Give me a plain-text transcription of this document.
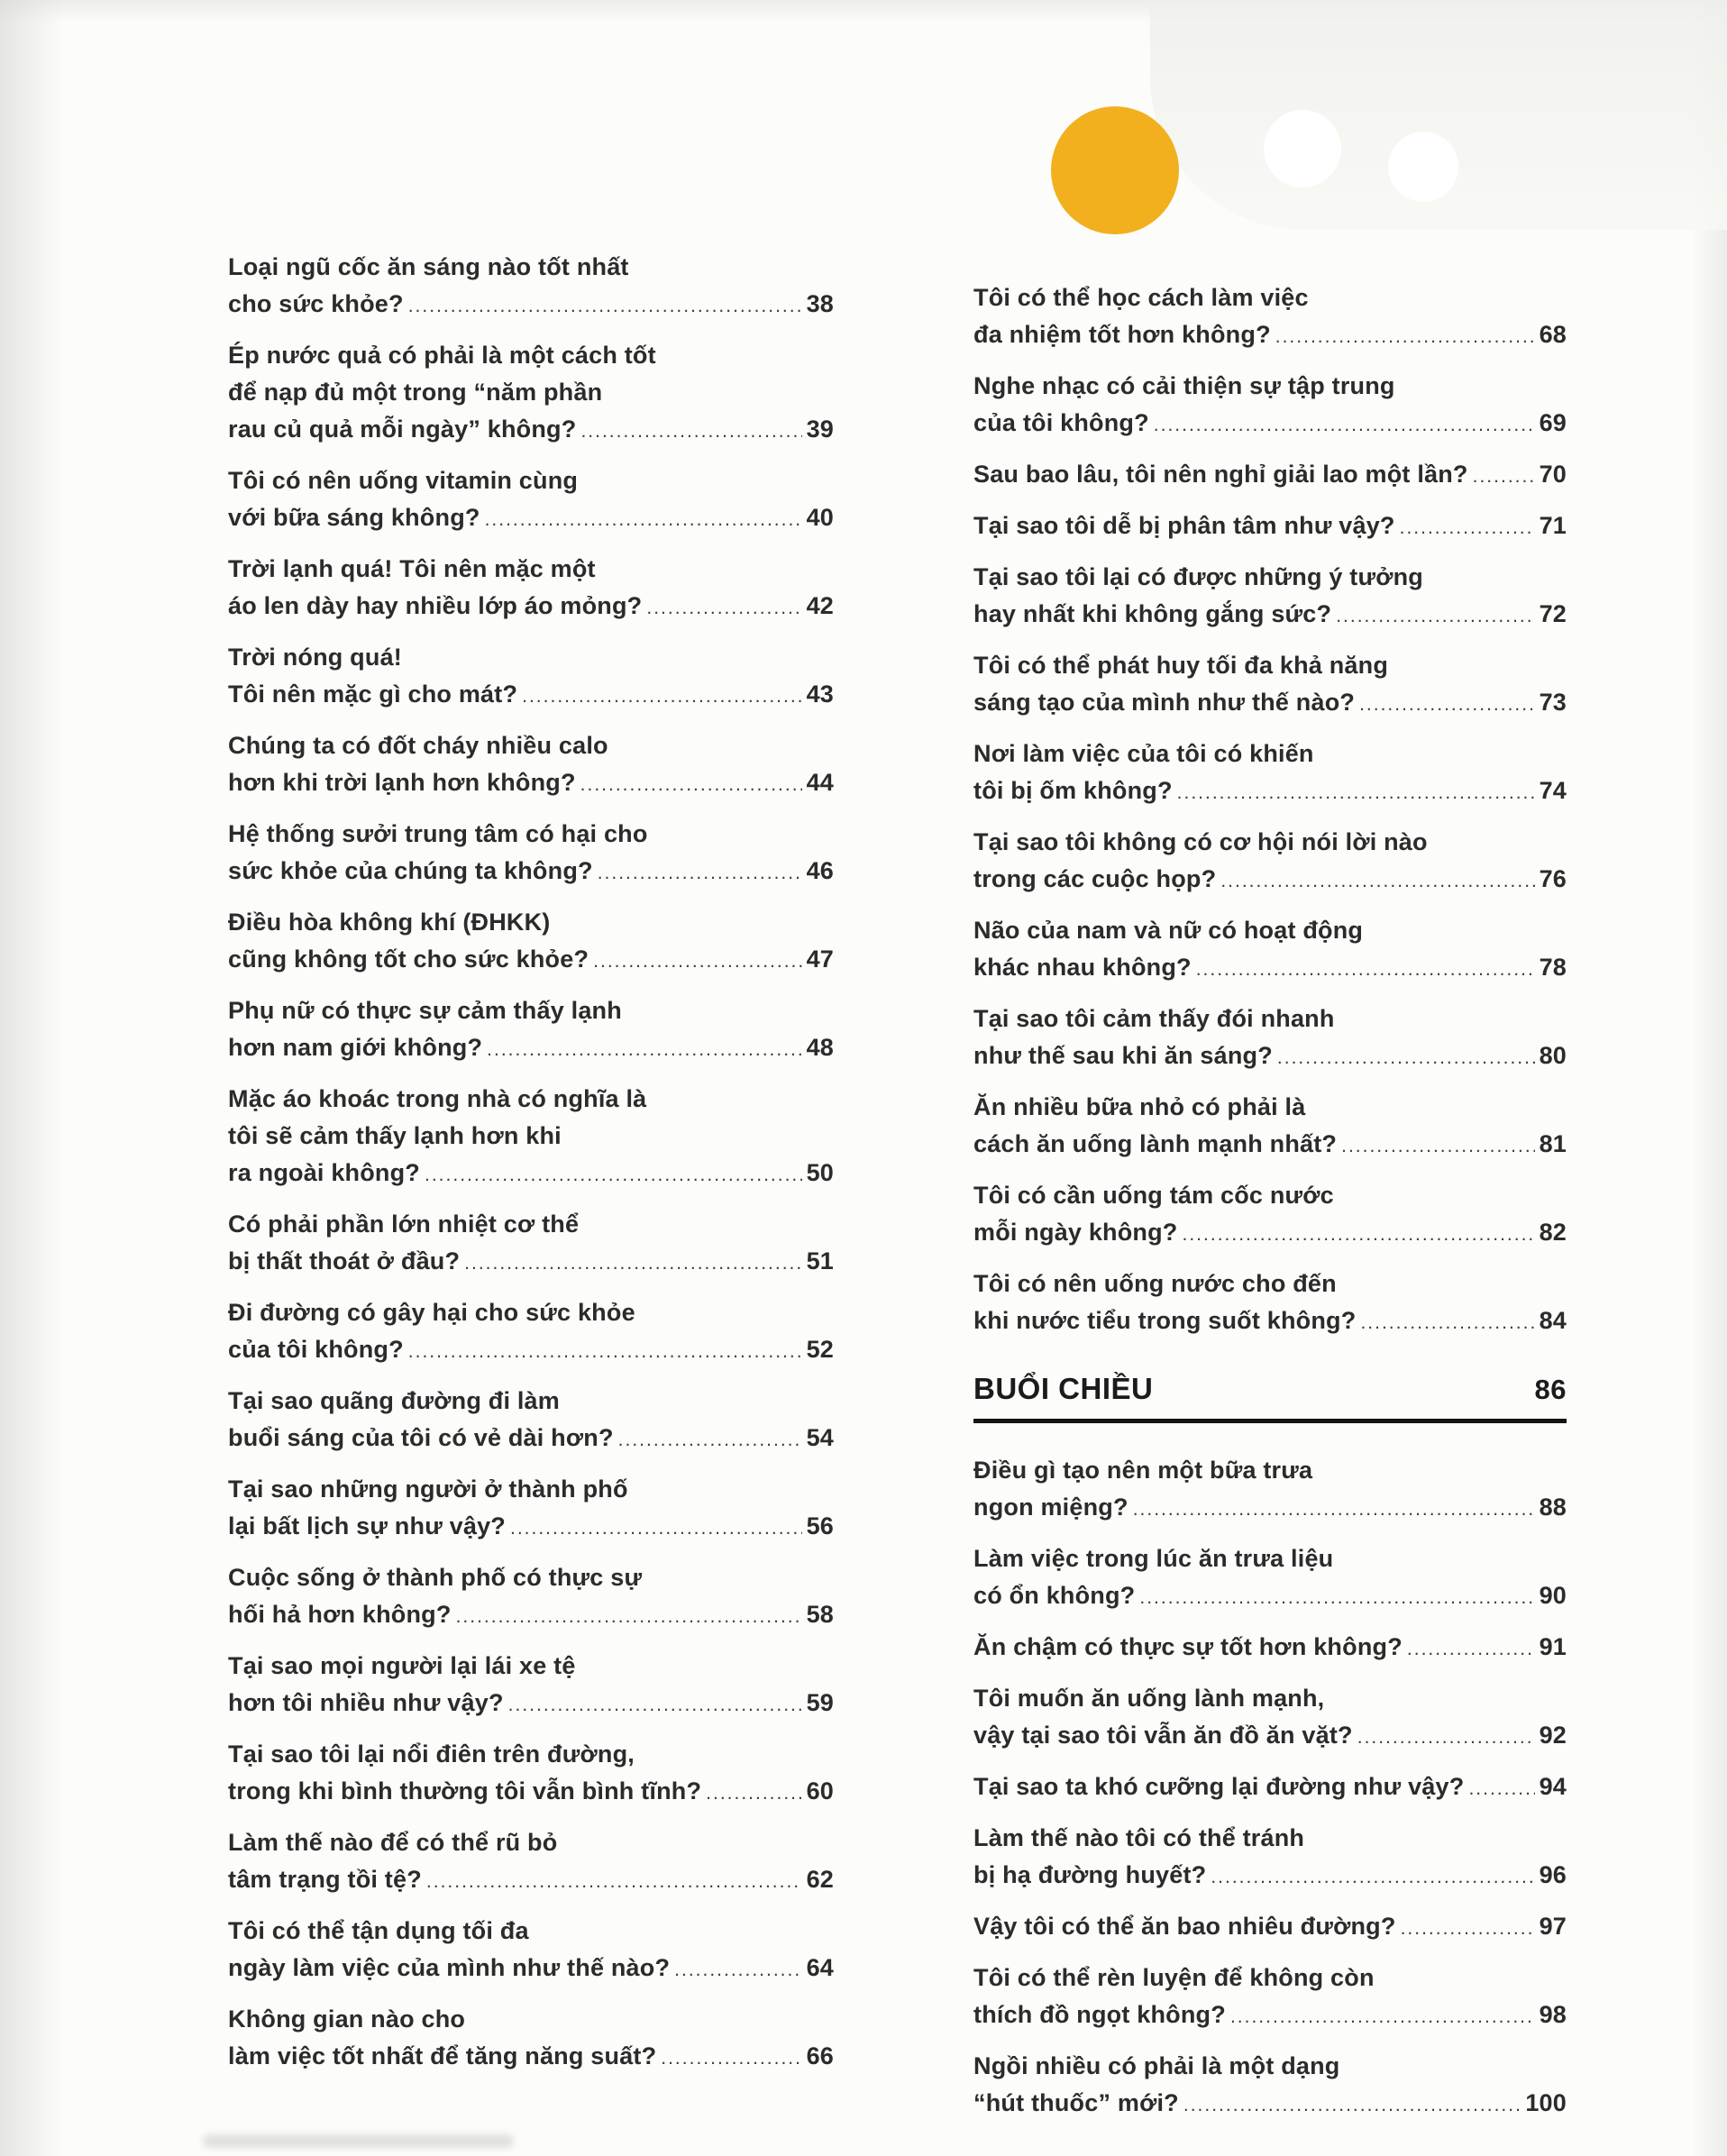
Loại ngũ cốc ăn sáng nào tốt nhất
cho sức khỏe? .....	38
Ép nước quả có phải là một cách tốt
để nạp đủ một trong “năm phần
rau củ quả mỗi ngày” không? .....	39
Tôi có nên uống vitamin cùng
với bữa sáng không? .....	40
Trời lạnh quá! Tôi nên mặc một
áo len dày hay nhiều lớp áo mỏng? .....	42
Trời nóng quá!
Tôi nên mặc gì cho mát? .....	43
Chúng ta có đốt cháy nhiều calo
hơn khi trời lạnh hơn không? .....	44
Hệ thống sưởi trung tâm có hại cho
sức khỏe của chúng ta không? .....	46
Điều hòa không khí (ĐHKK)
cũng không tốt cho sức khỏe? .....	47
Phụ nữ có thực sự cảm thấy lạnh
hơn nam giới không? .....	48
Mặc áo khoác trong nhà có nghĩa là
tôi sẽ cảm thấy lạnh hơn khi
ra ngoài không? .....	50
Có phải phần lớn nhiệt cơ thể
bị thất thoát ở đầu? .....	51
Đi đường có gây hại cho sức khỏe
của tôi không? .....	52
Tại sao quãng đường đi làm
buổi sáng của tôi có vẻ dài hơn? .....	54
Tại sao những người ở thành phố
lại bất lịch sự như vậy? .....	56
Cuộc sống ở thành phố có thực sự
hối hả hơn không? .....	58
Tại sao mọi người lại lái xe tệ
hơn tôi nhiều như vậy? .....	59
Tại sao tôi lại nổi điên trên đường,
trong khi bình thường tôi vẫn bình tĩnh? .....	60
Làm thế nào để có thể rũ bỏ
tâm trạng tồi tệ? .....	62
Tôi có thể tận dụng tối đa
ngày làm việc của mình như thế nào? .....	64
Không gian nào cho
làm việc tốt nhất để tăng năng suất? .....	66
Tôi có thể học cách làm việc
đa nhiệm tốt hơn không? .....	68
Nghe nhạc có cải thiện sự tập trung
của tôi không? .....	69
Sau bao lâu, tôi nên nghỉ giải lao một lần? .....	70
Tại sao tôi dễ bị phân tâm như vậy? .....	71
Tại sao tôi lại có được những ý tưởng
hay nhất khi không gắng sức? .....	72
Tôi có thể phát huy tối đa khả năng
sáng tạo của mình như thế nào? .....	73
Nơi làm việc của tôi có khiến
tôi bị ốm không? .....	74
Tại sao tôi không có cơ hội nói lời nào
trong các cuộc họp? .....	76
Não của nam và nữ có hoạt động
khác nhau không? .....	78
Tại sao tôi cảm thấy đói nhanh
như thế sau khi ăn sáng? .....	80
Ăn nhiều bữa nhỏ có phải là
cách ăn uống lành mạnh nhất? .....	81
Tôi có cần uống tám cốc nước
mỗi ngày không? .....	82
Tôi có nên uống nước cho đến
khi nước tiểu trong suốt không? .....	84
BUỔI CHIỀU	86
Điều gì tạo nên một bữa trưa
ngon miệng? .....	88
Làm việc trong lúc ăn trưa liệu
có ổn không? .....	90
Ăn chậm có thực sự tốt hơn không? .....	91
Tôi muốn ăn uống lành mạnh,
vậy tại sao tôi vẫn ăn đồ ăn vặt? .....	92
Tại sao ta khó cưỡng lại đường như vậy? .....	94
Làm thế nào tôi có thể tránh
bị hạ đường huyết? .....	96
Vậy tôi có thể ăn bao nhiêu đường? .....	97
Tôi có thể rèn luyện để không còn
thích đồ ngọt không? .....	98
Ngồi nhiều có phải là một dạng
“hút thuốc” mới? .....	100
